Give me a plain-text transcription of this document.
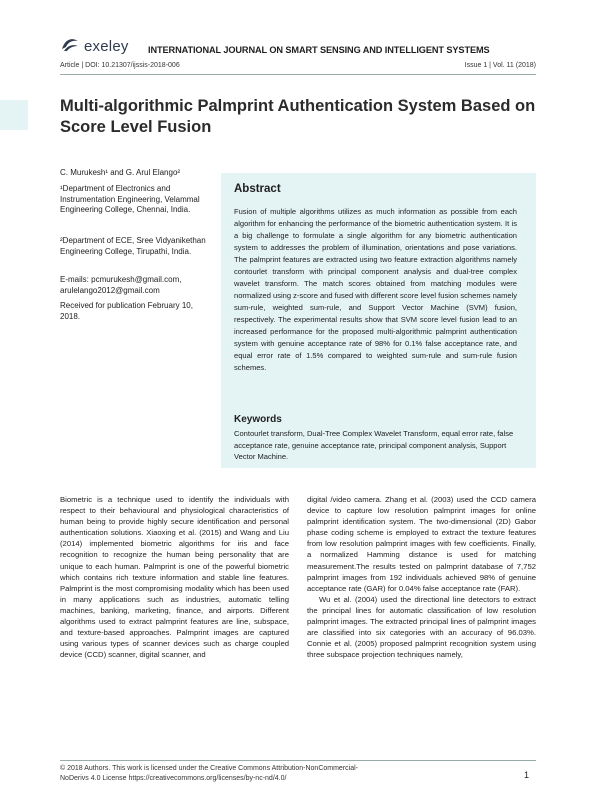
exeley INTERNATIONAL JOURNAL ON SMART SENSING AND INTELLIGENT SYSTEMS
Article | DOI: 10.21307/ijssis-2018-006	Issue 1 | Vol. 11 (2018)
Multi-algorithmic Palmprint Authentication System Based on Score Level Fusion
C. Murukesh¹ and G. Arul Elango²
¹Department of Electronics and Instrumentation Engineering, Velammal Engineering College, Chennai, India.
²Department of ECE, Sree Vidyanikethan Engineering College, Tirupathi, India.
E-mails: pcmurukesh@gmail.com, arulelango2012@gmail.com
Received for publication February 10, 2018.
Abstract
Fusion of multiple algorithms utilizes as much information as possible from each algorithm for enhancing the performance of the biometric authentication system. It is a big challenge to formulate a single algorithm for any biometric authentication system to addresses the problem of illumination, orientations and pose variations. The palmprint features are extracted using two feature extraction algorithms namely contourlet transform with principal component analysis and dual-tree complex wavelet transform. The match scores obtained from matching modules were normalized using z-score and fused with different score level fusion schemes namely sum-rule, weighted sum-rule, and Support Vector Machine (SVM) fusion, respectively. The experimental results show that SVM score level fusion lead to an increased performance for the proposed multi-algorithmic palmprint authentication system with genuine acceptance rate of 98% for 0.1% false acceptance rate, and equal error rate of 1.5% compared to weighted sum-rule and sum-rule fusion schemes.
Keywords
Contourlet transform, Dual-Tree Complex Wavelet Transform, equal error rate, false acceptance rate, genuine acceptance rate, principal component analysis, Support Vector Machine.

Biometric is a technique used to identify the individuals with respect to their behavioural and physiological characteristics of human being to provide highly secure identification and personal authentication solutions. Xiaoxing et al. (2015) and Wang and Liu (2014) implemented biometric algorithms for iris and face recognition to recognize the human being personality that are unique to each human. Palmprint is one of the powerful biometric which contains rich texture information and stable line features. Palmprint is the most compromising modality which has been used in many applications such as industries, automatic telling machines, banking, marketing, finance, and airports. Different algorithms used to extract palmprint features are line, subspace, and texture-based approaches. Palmprint images are captured using various types of scanner devices such as charge coupled device (CCD) scanner, digital scanner, and

digital /video camera. Zhang et al. (2003) used the CCD camera device to capture low resolution palmprint images for online palmprint identification system. The two-dimensional (2D) Gabor phase coding scheme is employed to extract the texture features from low resolution palmprint images with few coefficients. Finally, a normalized Hamming distance is used for matching measurement.The results tested on palmprint database of 7,752 palmprint images from 192 individuals achieved 98% of genuine acceptance rate (GAR) for 0.04% false acceptance rate (FAR).

Wu et al. (2004) used the directional line detectors to extract the principal lines for automatic classification of low resolution palmprint images. The extracted principal lines of palmprint images are classified into six categories with an accuracy of 96.03%. Connie et al. (2005) proposed palmprint recognition system using three subspace projection techniques namely,

© 2018 Authors. This work is licensed under the Creative Commons Attribution-NonCommercial-NoDerivs 4.0 License https://creativecommons.org/licenses/by-nc-nd/4.0/	1
